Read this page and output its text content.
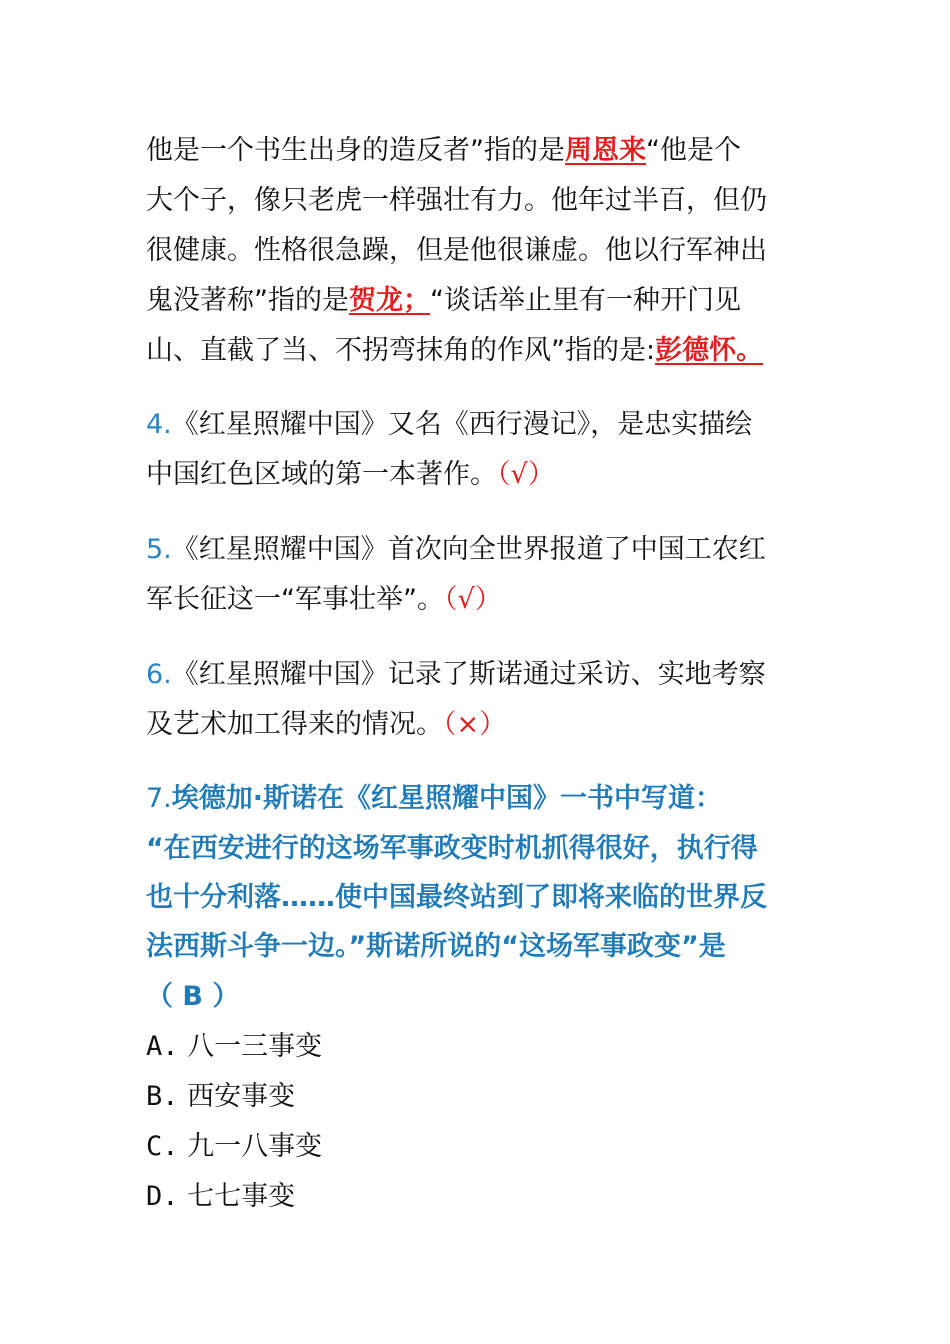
他是一个书生出身的造反者”指的是周恩来“他是个
大个子，像只老虎一样强壮有力。他年过半百，但仍
很健康。性格很急躁，但是他很谦虚。他以行军神出
鬼没著称”指的是贺龙；“谈话举止里有一种开门见
山、直截了当、不拐弯抹角的作风”指的是:彭德怀。
4.《红星照耀中国》又名《西行漫记》，是忠实描绘
中国红色区域的第一本著作。（√）
5.《红星照耀中国》首次向全世界报道了中国工农红
军长征这一“军事壮举”。（√）
6.《红星照耀中国》记录了斯诺通过采访、实地考察
及艺术加工得来的情况。（×）
7.埃德加·斯诺在《红星照耀中国》一书中写道：
“在西安进行的这场军事政变时机抓得很好，执行得
也十分利落……使中国最终站到了即将来临的世界反
法西斯斗争一边。”斯诺所说的“这场军事政变”是
（ B ）
A. 八一三事变
B. 西安事变
C. 九一八事变
D. 七七事变
